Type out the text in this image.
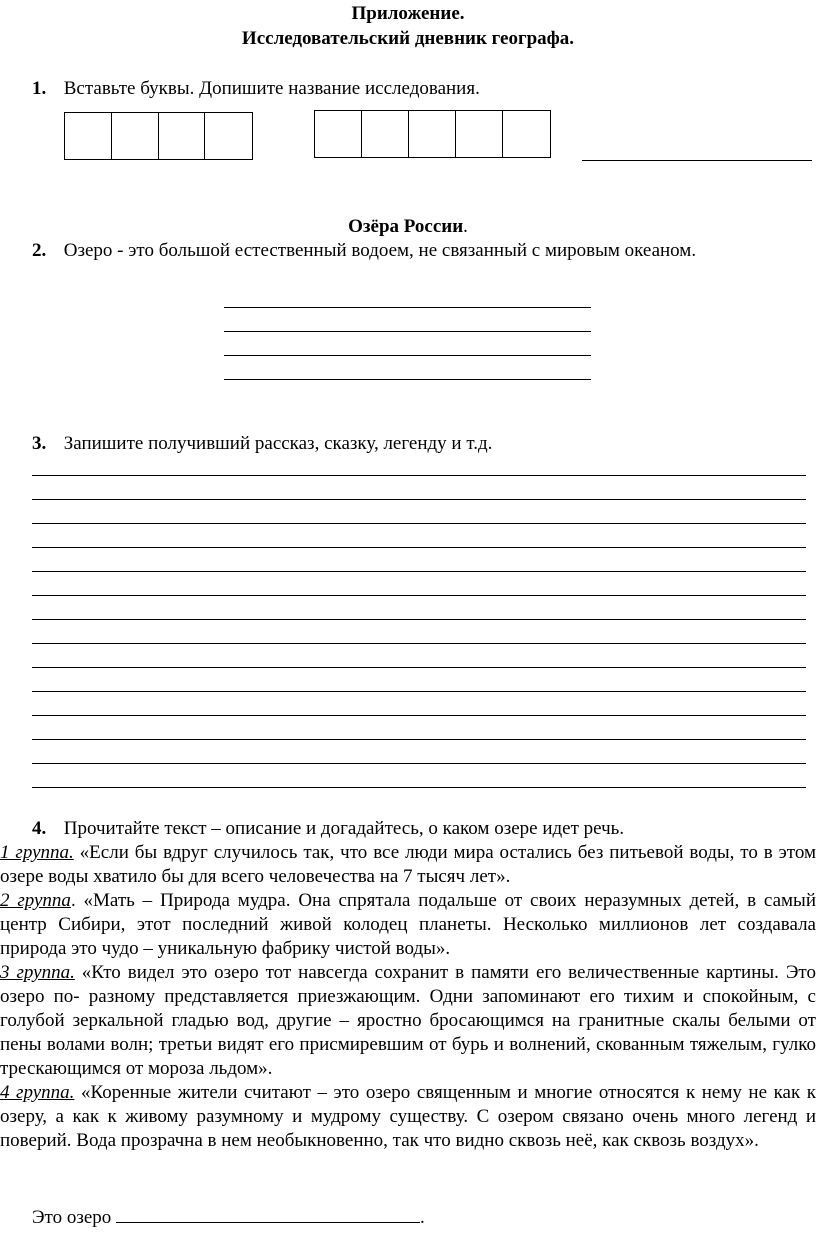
Приложение.
Исследовательский дневник географа.
1. Вставьте буквы. Допишите название исследования.
Озёра России.
2. Озеро - это большой естественный водоем, не связанный с мировым океаном.
3. Запишите получивший рассказ, сказку, легенду и т.д.
4. Прочитайте текст – описание и догадайтесь, о каком озере идет речь.
1 группа. «Если бы вдруг случилось так, что все люди мира остались без питьевой воды, то в этом озере воды хватило бы для всего человечества на 7 тысяч лет».
2 группа. «Мать – Природа мудра. Она спрятала подальше от своих неразумных детей, в самый центр Сибири, этот последний живой колодец планеты. Несколько миллионов лет создавала природа это чудо – уникальную фабрику чистой воды».
3 группа. «Кто видел это озеро тот навсегда сохранит в памяти его величественные картины. Это озеро по- разному представляется приезжающим. Одни запоминают его тихим и спокойным, с голубой зеркальной гладью вод, другие – яростно бросающимся на гранитные скалы белыми от пены волами волн; третьи видят его присмиревшим от бурь и волнений, скованным тяжелым, гулко трескающимся от мороза льдом».
4 группа. «Коренные жители считают – это озеро священным и многие относятся к нему не как к озеру, а как к живому разумному и мудрому существу. С озером связано очень много легенд и поверий. Вода прозрачна в нем необыкновенно, так что видно сквозь неё, как сквозь воздух».
Это озеро	.
